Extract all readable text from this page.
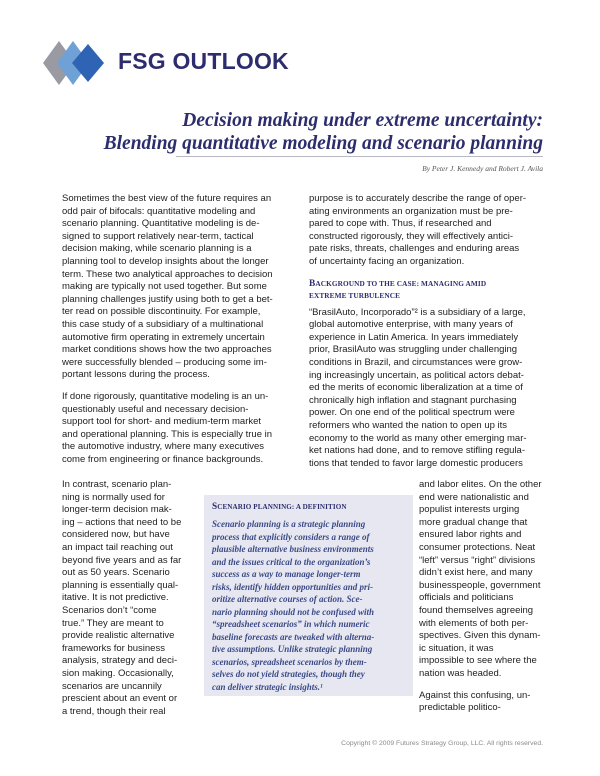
FSG OUTLOOK
Decision making under extreme uncertainty:
Blending quantitative modeling and scenario planning
By Peter J. Kennedy and Robert J. Avila

Sometimes the best view of the future requires an
odd pair of bifocals: quantitative modeling and
scenario planning. Quantitative modeling is de-
signed to support relatively near-term, tactical
decision making, while scenario planning is a
planning tool to develop insights about the longer
term. These two analytical approaches to decision
making are typically not used together. But some
planning challenges justify using both to get a bet-
ter read on possible discontinuity. For example,
this case study of a subsidiary of a multinational
automotive firm operating in extremely uncertain
market conditions shows how the two approaches
were successfully blended – producing some im-
portant lessons during the process.

If done rigorously, quantitative modeling is an un-
questionably useful and necessary decision-
support tool for short- and medium-term market
and operational planning. This is especially true in
the automotive industry, where many executives
come from engineering or finance backgrounds.

In contrast, scenario plan-
ning is normally used for
longer-term decision mak-
ing – actions that need to be
considered now, but have
an impact tail reaching out
beyond five years and as far
out as 50 years. Scenario
planning is essentially qual-
itative. It is not predictive.
Scenarios don’t “come
true.” They are meant to
provide realistic alternative
frameworks for business
analysis, strategy and deci-
sion making. Occasionally,
scenarios are uncannily
prescient about an event or
a trend, though their real

purpose is to accurately describe the range of oper-
ating environments an organization must be pre-
pared to cope with. Thus, if researched and
constructed rigorously, they will effectively antici-
pate risks, threats, challenges and enduring areas
of uncertainty facing an organization.

BACKGROUND TO THE CASE: MANAGING AMID
EXTREME TURBULENCE

“BrasilAuto, Incorporado”² is a subsidiary of a large,
global automotive enterprise, with many years of
experience in Latin America. In years immediately
prior, BrasilAuto was struggling under challenging
conditions in Brazil, and circumstances were grow-
ing increasingly uncertain, as political actors debat-
ed the merits of economic liberalization at a time of
chronically high inflation and stagnant purchasing
power. On one end of the political spectrum were
reformers who wanted the nation to open up its
economy to the world as many other emerging mar-
ket nations had done, and to remove stifling regula-
tions that tended to favor large domestic producers

and labor elites. On the other
end were nationalistic and
populist interests urging
more gradual change that
ensured labor rights and
consumer protections. Neat
“left” versus “right” divisions
didn’t exist here, and many
businesspeople, government
officials and politicians
found themselves agreeing
with elements of both per-
spectives. Given this dynam-
ic situation, it was
impossible to see where the
nation was headed.

Against this confusing, un-
predictable politico-

SCENARIO PLANNING: A DEFINITION
Scenario planning is a strategic planning
process that explicitly considers a range of
plausible alternative business environments
and the issues critical to the organization’s
success as a way to manage longer-term
risks, identify hidden opportunities and pri-
oritize alternative courses of action. Sce-
nario planning should not be confused with
“spreadsheet scenarios” in which numeric
baseline forecasts are tweaked with alterna-
tive assumptions. Unlike strategic planning
scenarios, spreadsheet scenarios by them-
selves do not yield strategies, though they
can deliver strategic insights.¹
Copyright © 2009 Futures Strategy Group, LLC. All rights reserved.
